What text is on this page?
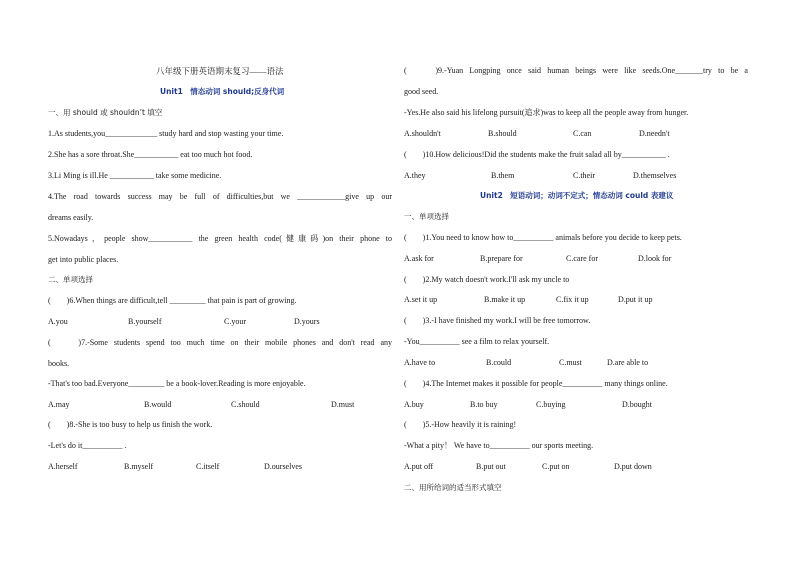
八年级下册英语期末复习——语法
Unit1　情态动词 should;反身代词
一、用 should 或 shouldn’t 填空
1.As students,you_____________ study hard and stop wasting your time.
2.She has a sore throat.She___________ eat too much hot food.
3.Li Ming is ill.He ___________ take some medicine.
4.The road towards success may be full of difficulties,but we ____________give up our
dreams easily.
5.Nowadays，people show___________ the green health code(健康码)on their phone to
get into public places.
二、单项选择
(　　)6.When things are difficult,tell _________ that pain is part of growing.
A.you	B.yourself	C.your	D.yours
(　　)7.-Some students spend too much time on their mobile phones and don't read any
books.
-That's too bad.Everyone_________ be a book-lover.Reading is more enjoyable.
A.may	B.would	C.should	D.must
(　　)8.-She is too busy to help us finish the work.
-Let's do it__________ .
A.herself	B.myself	C.itself	D.ourselves
(　　)9.-Yuan Longping once said human beings were like seeds.One_______try to be a
good seed.
-Yes.He also said his lifelong pursuit(追求)was to keep all the people away from hunger.
A.shouldn't	B.should	C.can	D.needn't
(　　)10.How delicious!Did the students make the fruit salad all by___________ .
A.they	B.them	C.their	D.themselves
Unit2　短语动词；动词不定式；情态动词 could 表建议
一、单项选择
(　　)1.You need to know how to__________ animals before you decide to keep pets.
A.ask for	B.prepare for	C.care for	D.look for
(　　)2.My watch doesn't work.I'll ask my uncle to
A.set it up	B.make it up	C.fix it up	D.put it up
(　　)3.-I have finished my work.I will be free tomorrow.
-You__________ see a film to relax yourself.
A.have to	B.could	C.must	D.are able to
(　　)4.The Internet makes it possible for people__________ many things online.
A.buy	B.to buy	C.buying	D.bought
(　　)5.-How heavily it is raining!
-What a pity！ We have to__________ our sports meeting.
A.put off	B.put out	C.put on	D.put down
二、用所给词的适当形式填空
